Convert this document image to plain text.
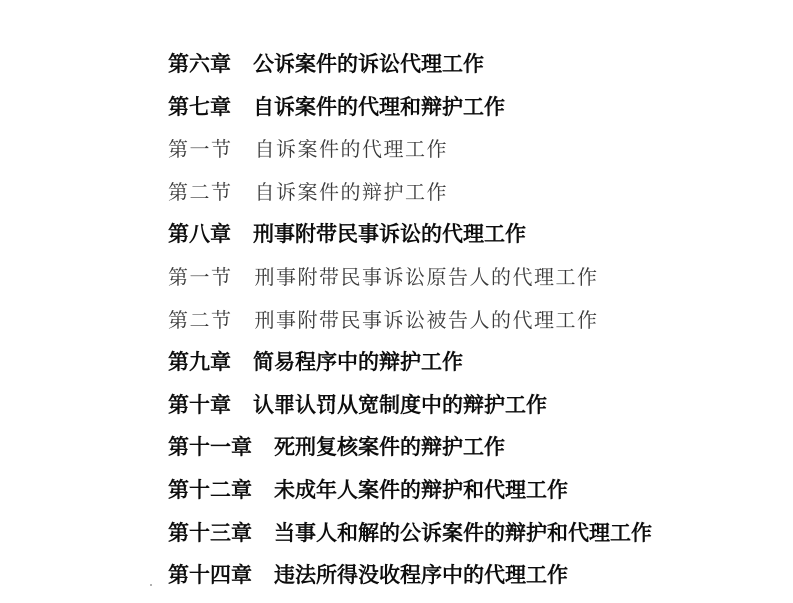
第六章 公诉案件的诉讼代理工作
第七章 自诉案件的代理和辩护工作
第一节 自诉案件的代理工作
第二节 自诉案件的辩护工作
第八章 刑事附带民事诉讼的代理工作
第一节 刑事附带民事诉讼原告人的代理工作
第二节 刑事附带民事诉讼被告人的代理工作
第九章 简易程序中的辩护工作
第十章 认罪认罚从宽制度中的辩护工作
第十一章 死刑复核案件的辩护工作
第十二章 未成年人案件的辩护和代理工作
第十三章 当事人和解的公诉案件的辩护和代理工作
第十四章 违法所得没收程序中的代理工作
